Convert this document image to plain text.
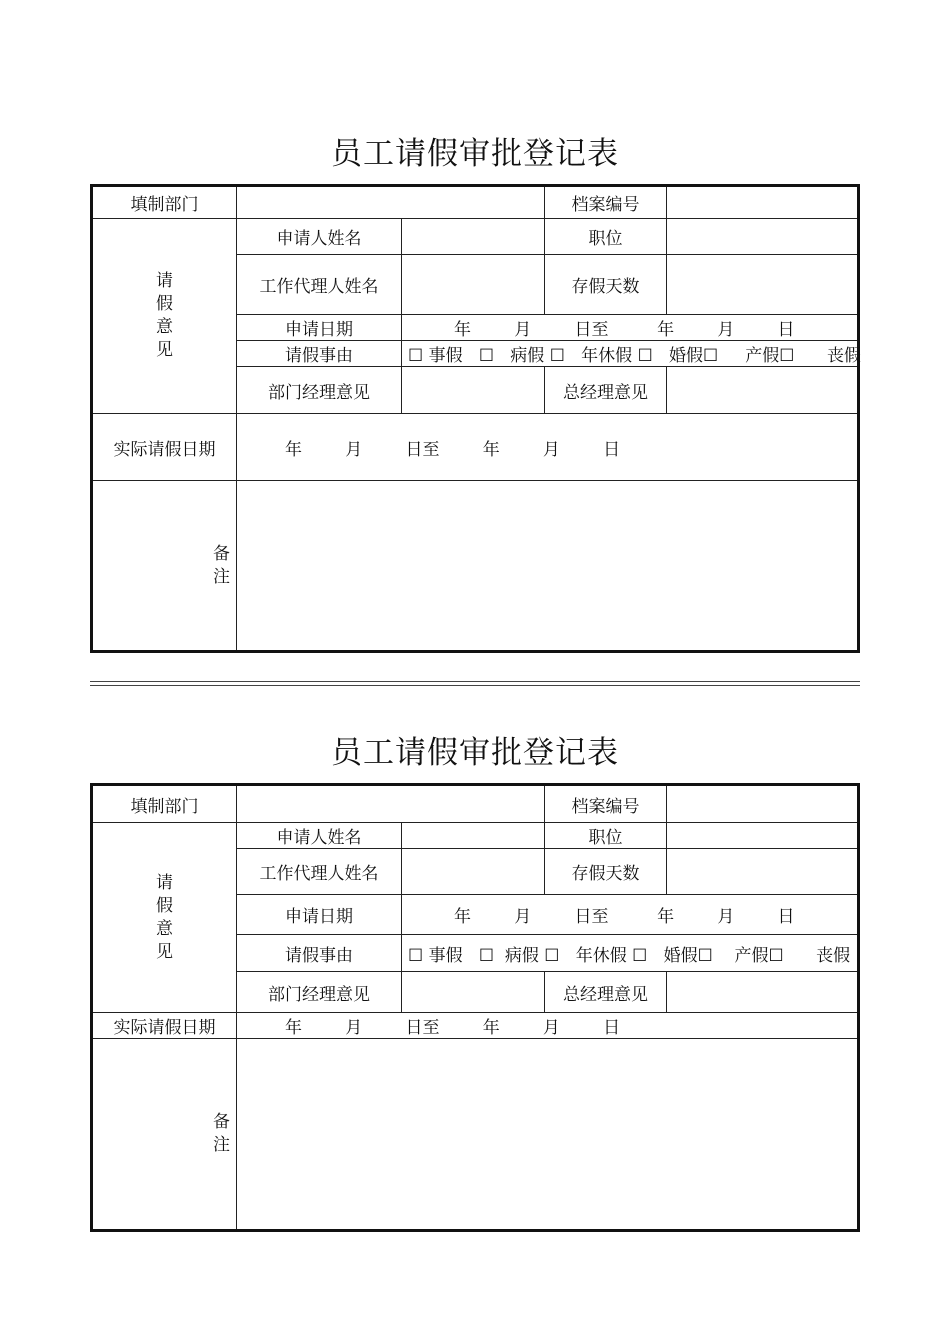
员工请假审批登记表
填制部门			档案编号	
请
假
意
见	申请人姓名		职位	
	工作代理人姓名		存假天数	
	申请日期	年        月        日至         年        月        日		
	请假事由	☐ 事假   ☐   病假 ☐   年休假 ☐   婚假☐     产假☐      丧假		
	部门经理意见		总经理意见	
实际请假日期	年        月        日至        年        月        日			
备
注				
员工请假审批登记表
填制部门			档案编号	
请
假
意
见	申请人姓名		职位	
	工作代理人姓名		存假天数	
	申请日期	年        月        日至         年        月        日		
	请假事由	☐ 事假   ☐  病假 ☐   年休假 ☐   婚假☐    产假☐      丧假		
	部门经理意见		总经理意见	
实际请假日期	年        月        日至        年        月        日			
备
注				
